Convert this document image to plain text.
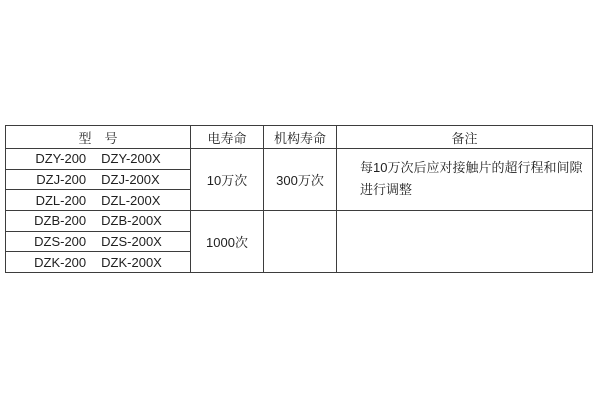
型　号	电寿命	机构寿命	备注
DZY-200 DZY-200X	10万次	300万次	每10万次后应对接触片的超行程和间隙
进行调整

DZJ-200 DZJ-200X			
DZL-200 DZL-200X			
DZB-200 DZB-200X	1000次		

DZS-200 DZS-200X			
DZK-200 DZK-200X			
